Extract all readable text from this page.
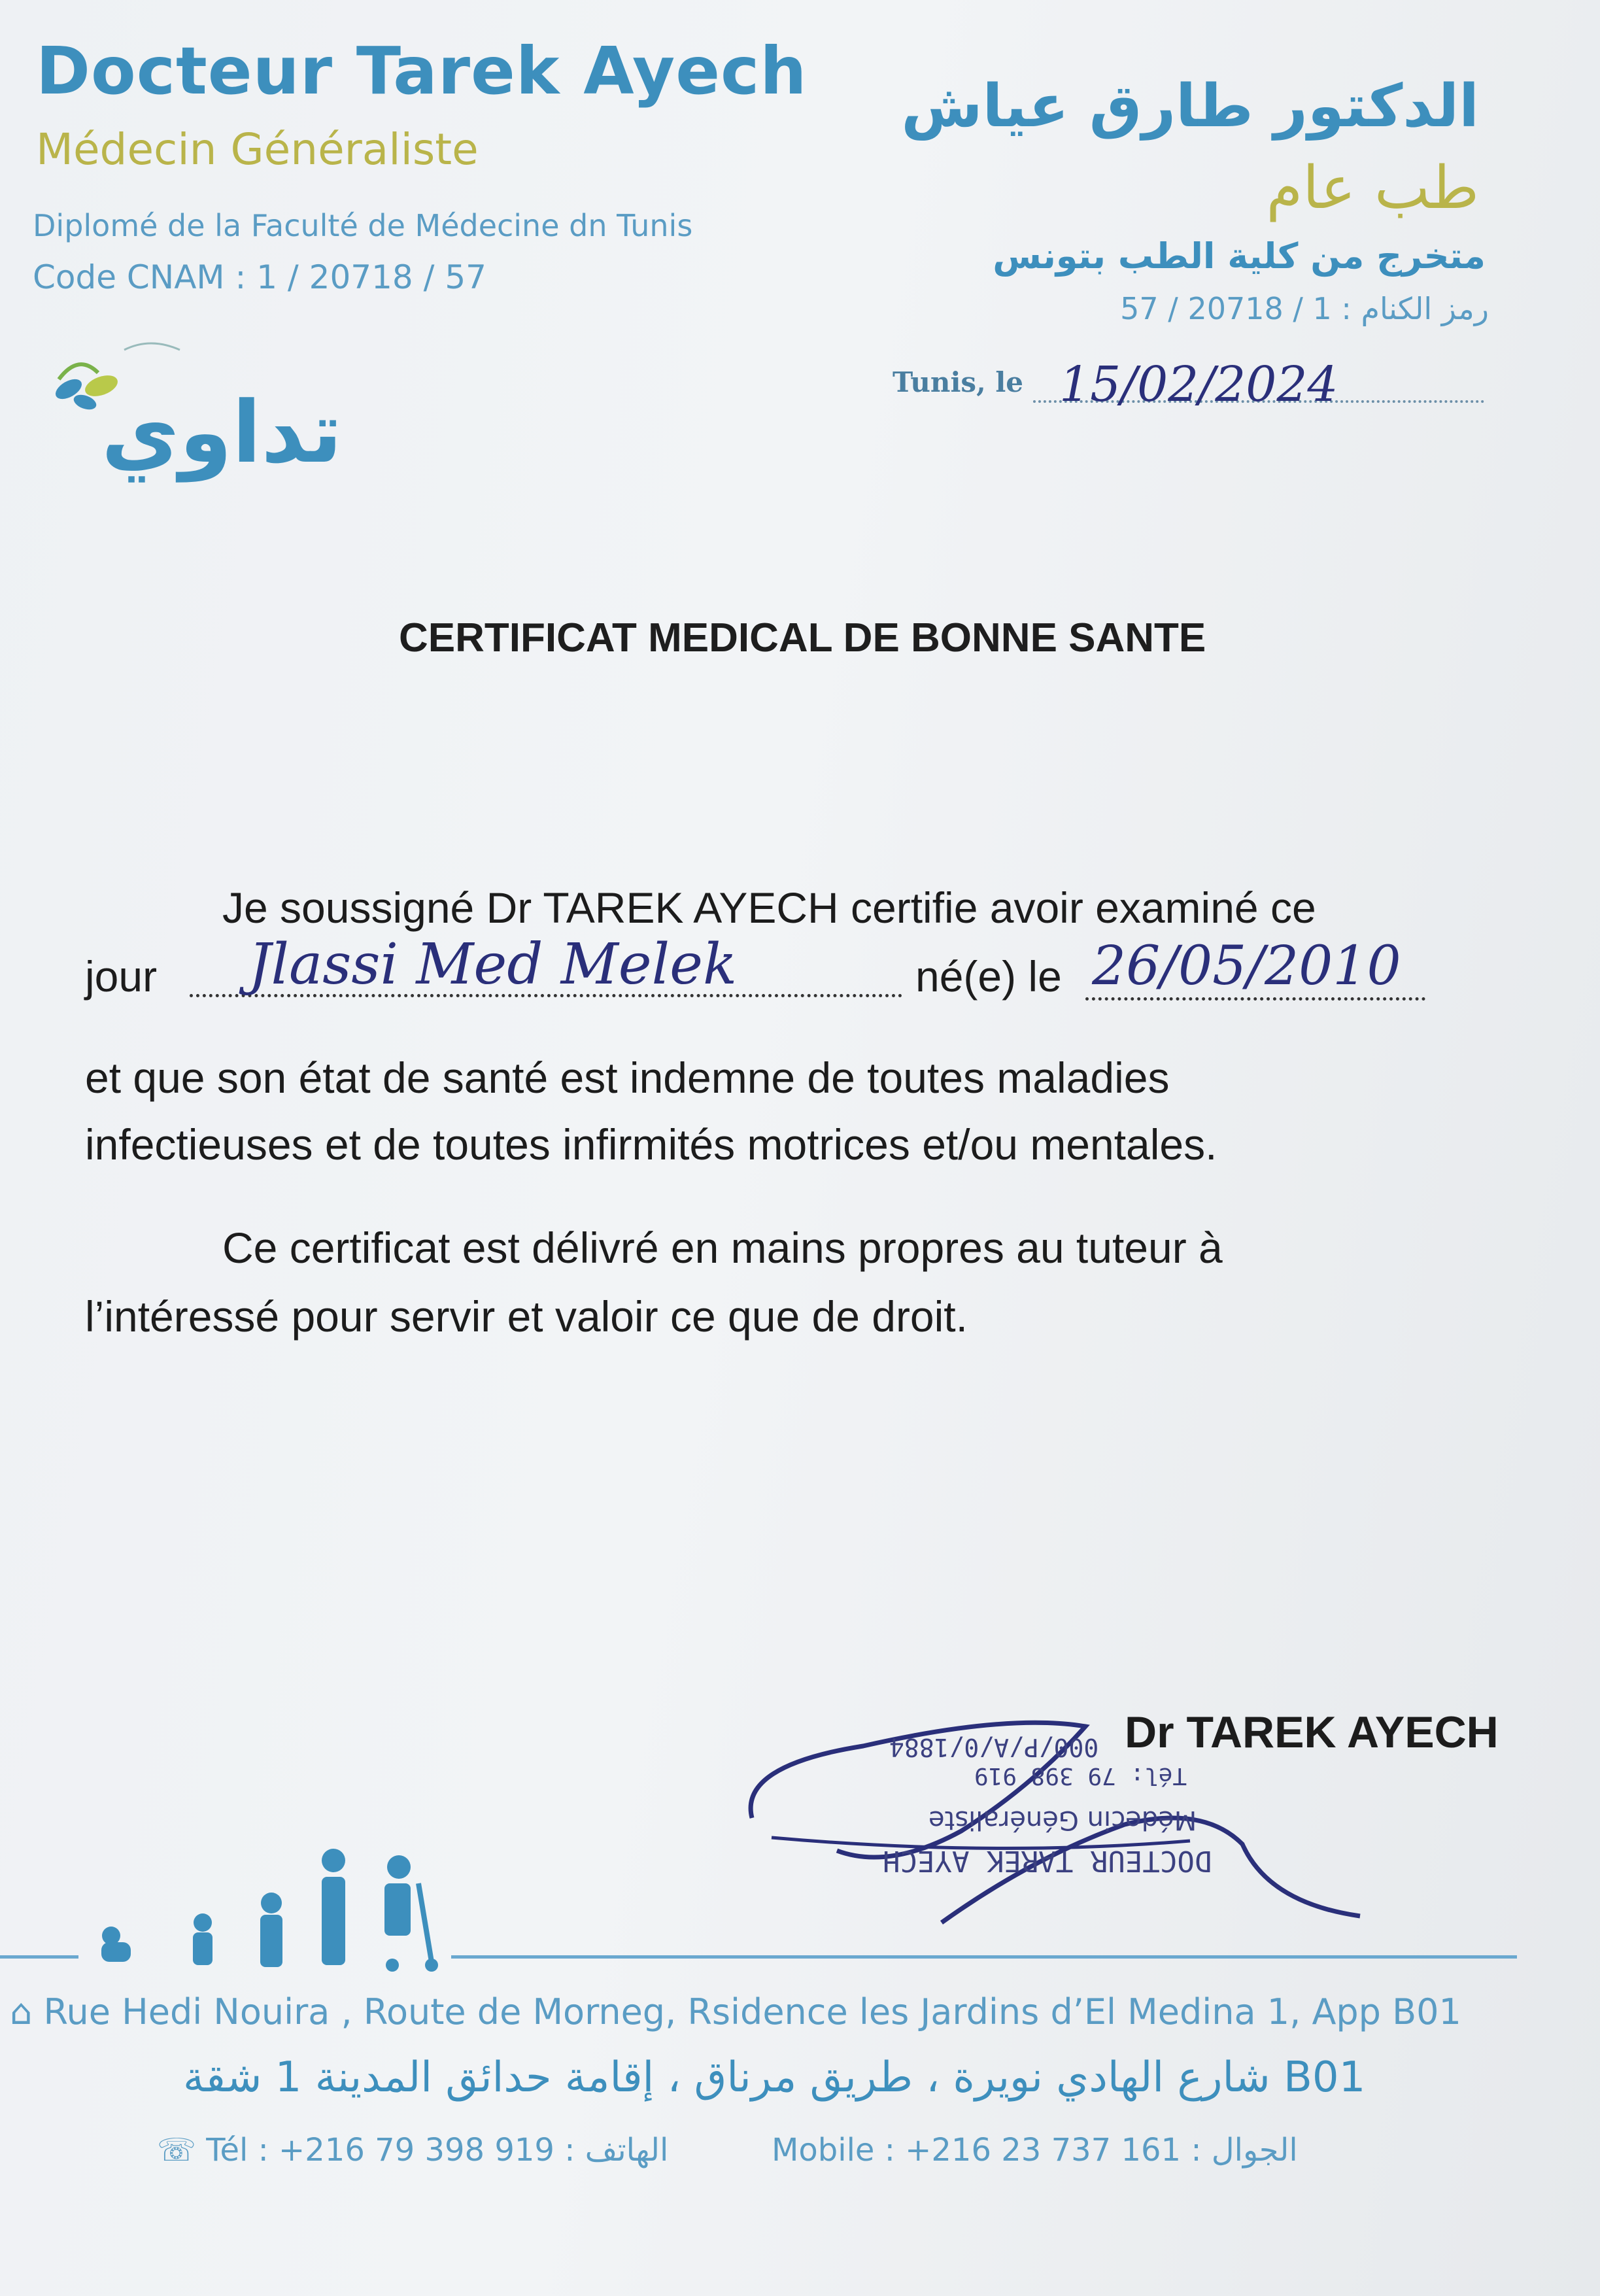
Docteur Tarek Ayech
Médecin Généraliste
Diplomé de la Faculté de Médecine dn Tunis
Code CNAM : 1 / 20718 / 57
الدكتور طارق عياش
طب عام
متخرج من كلية الطب بتونس
رمز الكنام : 1 / 20718 / 57
تداوي
Tunis, le 15/02/2024
CERTIFICAT MEDICAL DE BONNE SANTE
Je soussigné Dr TAREK AYECH certifie avoir examiné ce
jour Jlassi Med Melek	né(e) le 26/05/2010
et que son état de santé est indemne de toutes maladies
infectieuses et de toutes infirmités motrices et/ou mentales.
Ce certificat est délivré en mains propres au tuteur à
l’intéressé pour servir et valoir ce que de droit.
DOCTEUR TAREK AYECH
Médecin Généraliste
Tél: 79 398 919
000/P/A/0/1884 Dr TAREK AYECH
⌂ Rue Hedi Nouira , Route de Morneg, Rsidence les Jardins d’El Medina 1, App B01
شارع الهادي نويرة ، طريق مرناق ، إقامة حدائق المدينة 1 شقة B01
☏ Tél : +216 79 398 919 : الهاتف	Mobile : +216 23 737 161 : الجوال
